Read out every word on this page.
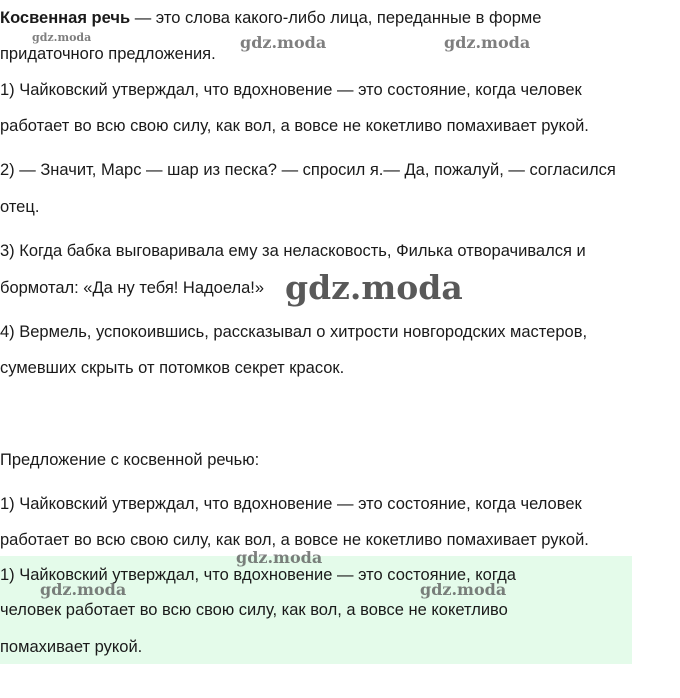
Косвенная речь — это слова какого-либо лица, переданные в форме
придаточного предложения.
1) Чайковский утверждал, что вдохновение — это состояние, когда человек
работает во всю свою силу, как вол, а вовсе не кокетливо помахивает рукой.
2) — Значит, Марс — шар из песка? — спросил я.— Да, пожалуй, — согласился
отец.
3) Когда бабка выговаривала ему за неласковость, Филька отворачивался и
бормотал: «Да ну тебя! Надоела!»
4) Вермель, успокоившись, рассказывал о хитрости новгородских мастеров,
сумевших скрыть от потомков секрет красок.
Предложение с косвенной речью:
1) Чайковский утверждал, что вдохновение — это состояние, когда человек
работает во всю свою силу, как вол, а вовсе не кокетливо помахивает рукой.
1) Чайковский утверждал, что вдохновение — это состояние, когда
человек работает во всю свою силу, как вол, а вовсе не кокетливо
помахивает рукой.
gdz.moda	gdz.moda	gdz.moda
gdz.moda
gdz.moda
gdz.moda
gdz.moda
